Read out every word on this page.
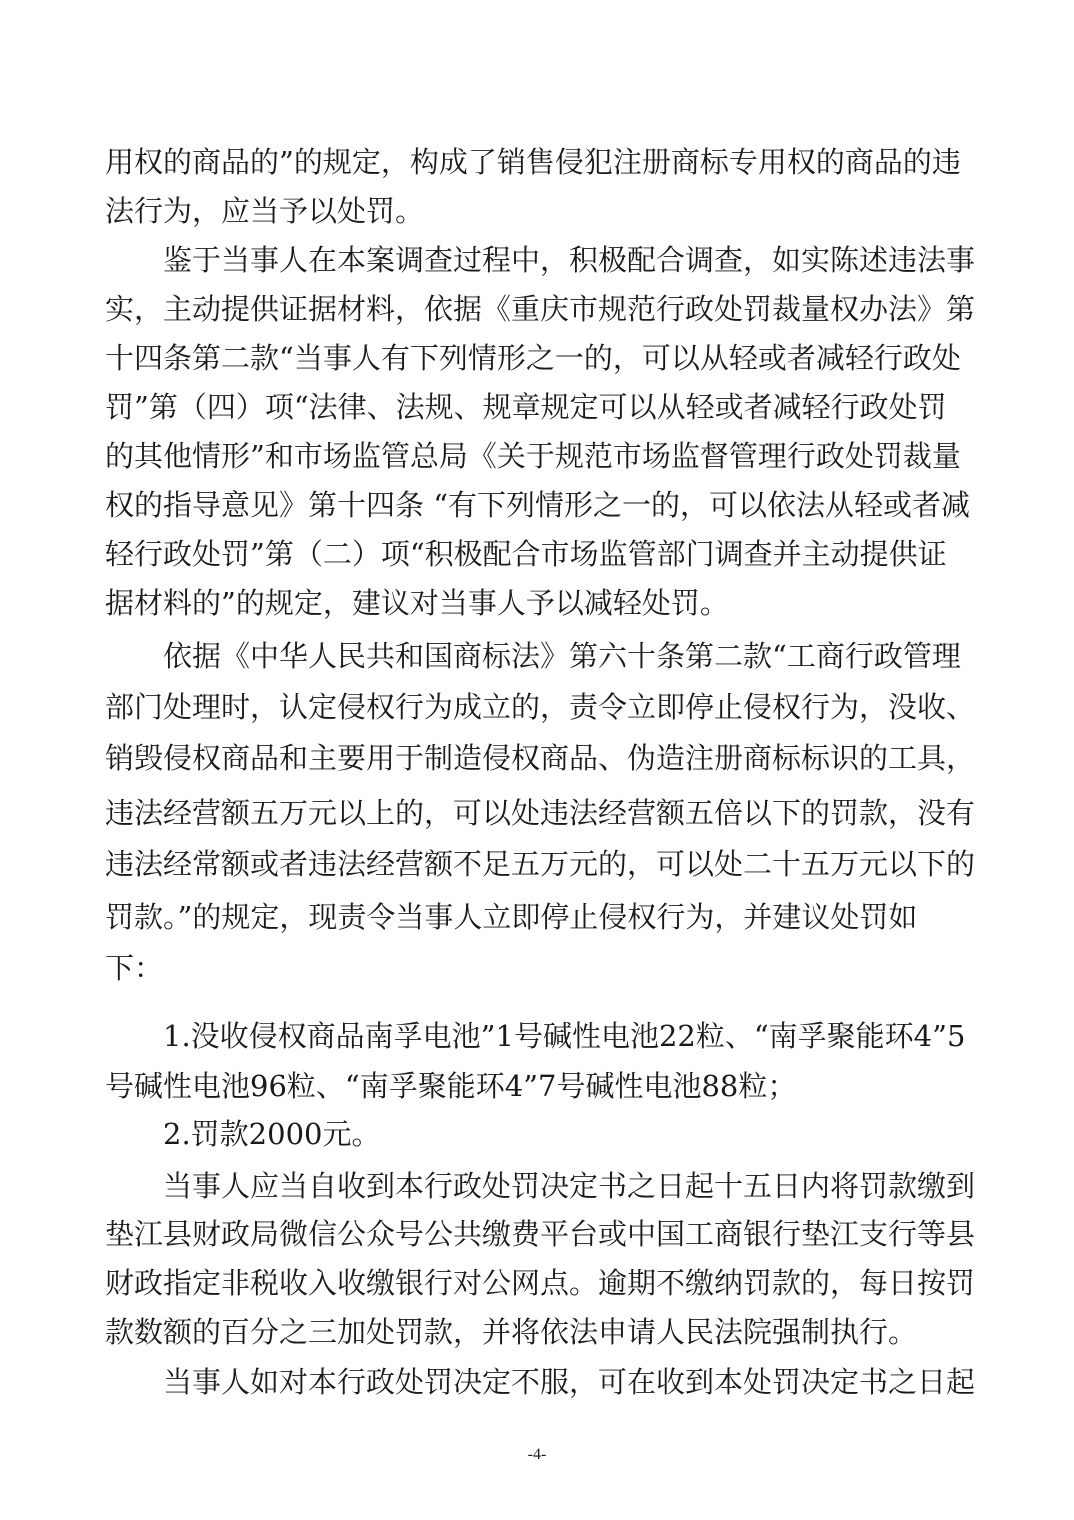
用权的商品的”的规定，构成了销售侵犯注册商标专用权的商品的违
法行为，应当予以处罚。
鉴于当事人在本案调查过程中，积极配合调查，如实陈述违法事
实，主动提供证据材料，依据《重庆市规范行政处罚裁量权办法》第
十四条第二款“当事人有下列情形之一的，可以从轻或者减轻行政处
罚”第（四）项“法律、法规、规章规定可以从轻或者减轻行政处罚
的其他情形”和市场监管总局《关于规范市场监督管理行政处罚裁量
权的指导意见》第十四条 “有下列情形之一的，可以依法从轻或者减
轻行政处罚”第（二）项“积极配合市场监管部门调查并主动提供证
据材料的”的规定，建议对当事人予以减轻处罚。
依据《中华人民共和国商标法》第六十条第二款“工商行政管理
部门处理时，认定侵权行为成立的，责令立即停止侵权行为，没收、
销毁侵权商品和主要用于制造侵权商品、伪造注册商标标识的工具，
违法经营额五万元以上的，可以处违法经营额五倍以下的罚款，没有
违法经常额或者违法经营额不足五万元的，可以处二十五万元以下的
罚款。”的规定，现责令当事人立即停止侵权行为，并建议处罚如
下：
1.没收侵权商品南孚电池”1号碱性电池22粒、“南孚聚能环4”5
号碱性电池96粒、“南孚聚能环4”7号碱性电池88粒；
2.罚款2000元。
当事人应当自收到本行政处罚决定书之日起十五日内将罚款缴到
垫江县财政局微信公众号公共缴费平台或中国工商银行垫江支行等县
财政指定非税收入收缴银行对公网点。逾期不缴纳罚款的，每日按罚
款数额的百分之三加处罚款，并将依法申请人民法院强制执行。
当事人如对本行政处罚决定不服，可在收到本处罚决定书之日起
-4-
